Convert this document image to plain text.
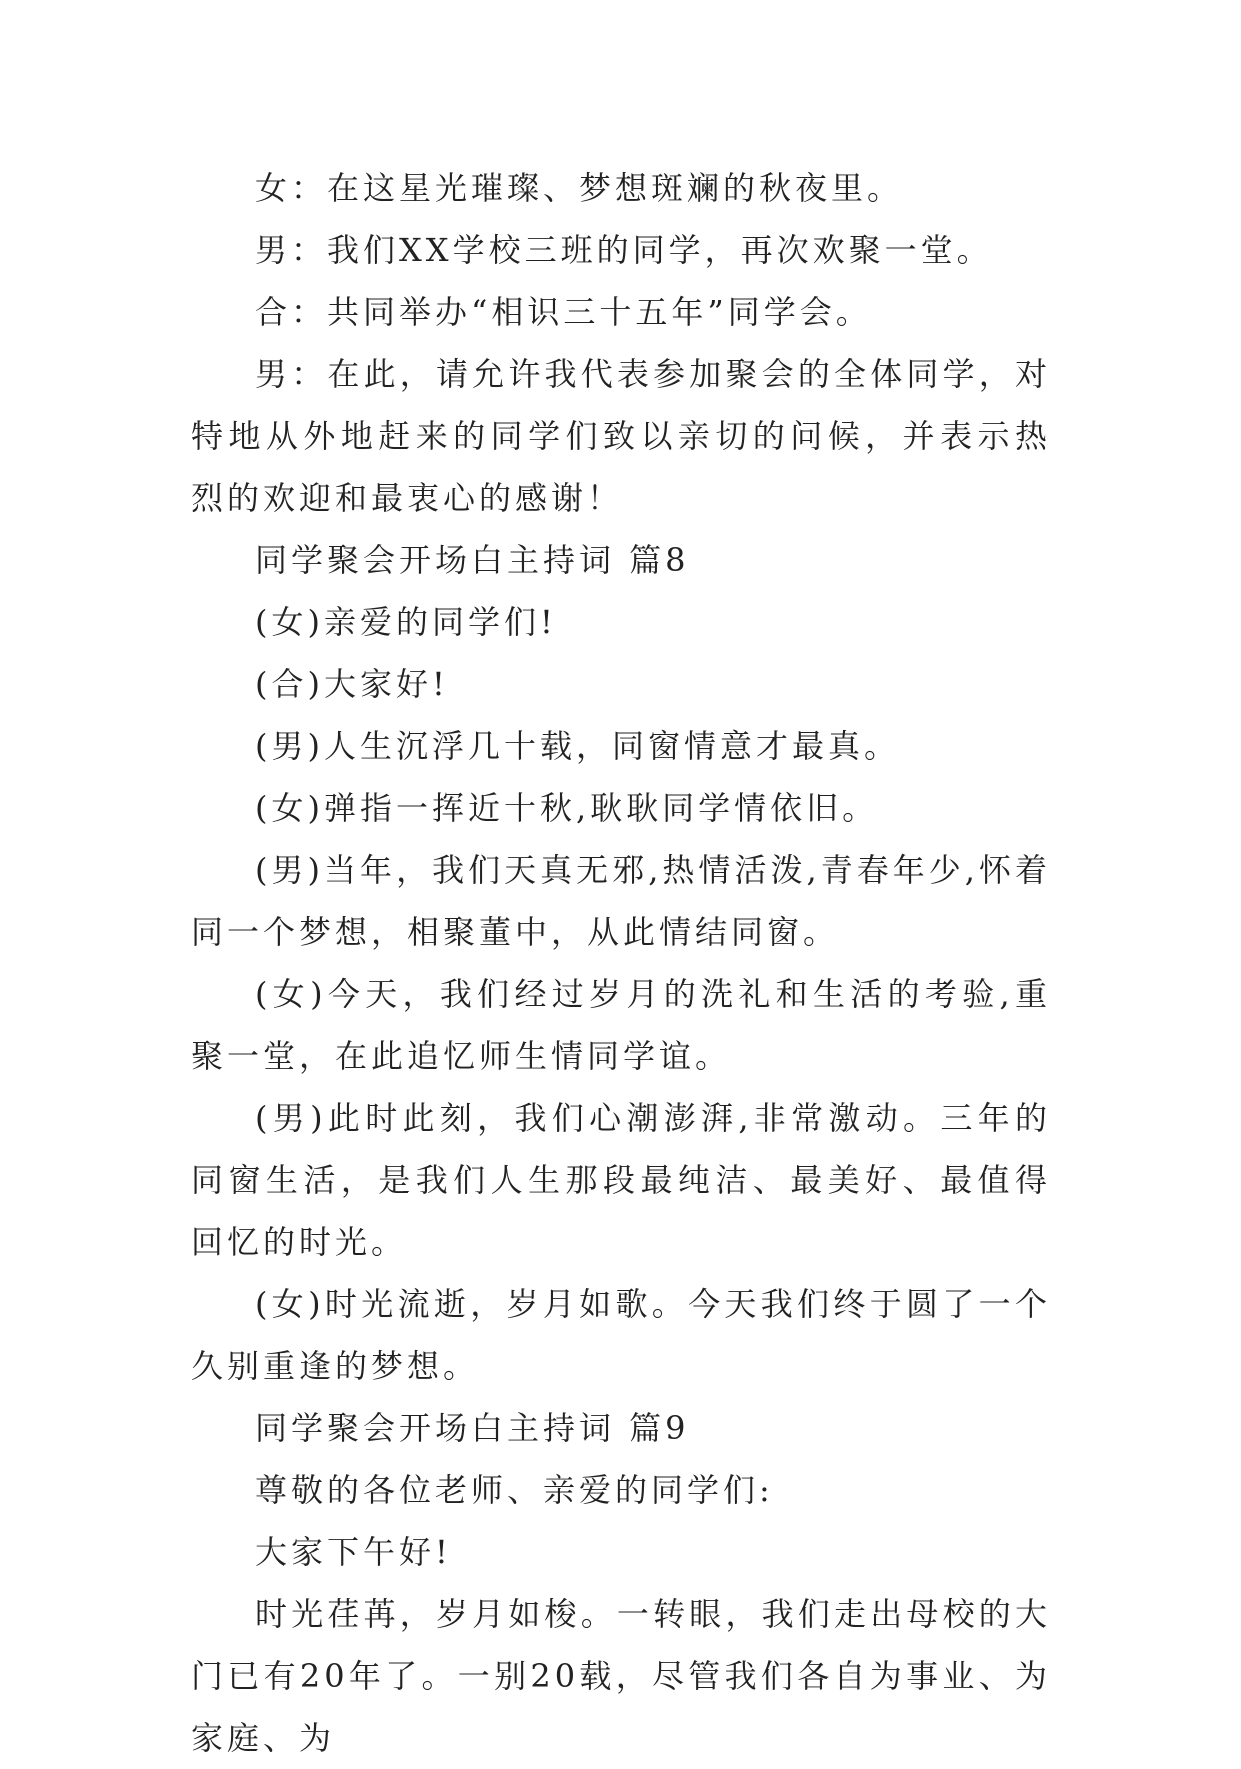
女：在这星光璀璨、梦想斑斓的秋夜里。

男：我们XX学校三班的同学，再次欢聚一堂。

合：共同举办“相识三十五年”同学会。

男：在此，请允许我代表参加聚会的全体同学，对特地从外地赶来的同学们致以亲切的问候，并表示热烈的欢迎和最衷心的感谢！

同学聚会开场白主持词 篇8

(女)亲爱的同学们!

(合)大家好!

(男)人生沉浮几十载，同窗情意才最真。

(女)弹指一挥近十秋,耿耿同学情依旧。

(男)当年，我们天真无邪,热情活泼,青春年少,怀着同一个梦想，相聚董中，从此情结同窗。

(女)今天，我们经过岁月的洗礼和生活的考验,重聚一堂，在此追忆师生情同学谊。

(男)此时此刻，我们心潮澎湃,非常激动。三年的同窗生活，是我们人生那段最纯洁、最美好、最值得回忆的时光。

(女)时光流逝，岁月如歌。今天我们终于圆了一个久别重逢的梦想。

同学聚会开场白主持词 篇9

尊敬的各位老师、亲爱的同学们:

大家下午好!

时光荏苒，岁月如梭。一转眼，我们走出母校的大门已有20年了。一别20载，尽管我们各自为事业、为家庭、为
